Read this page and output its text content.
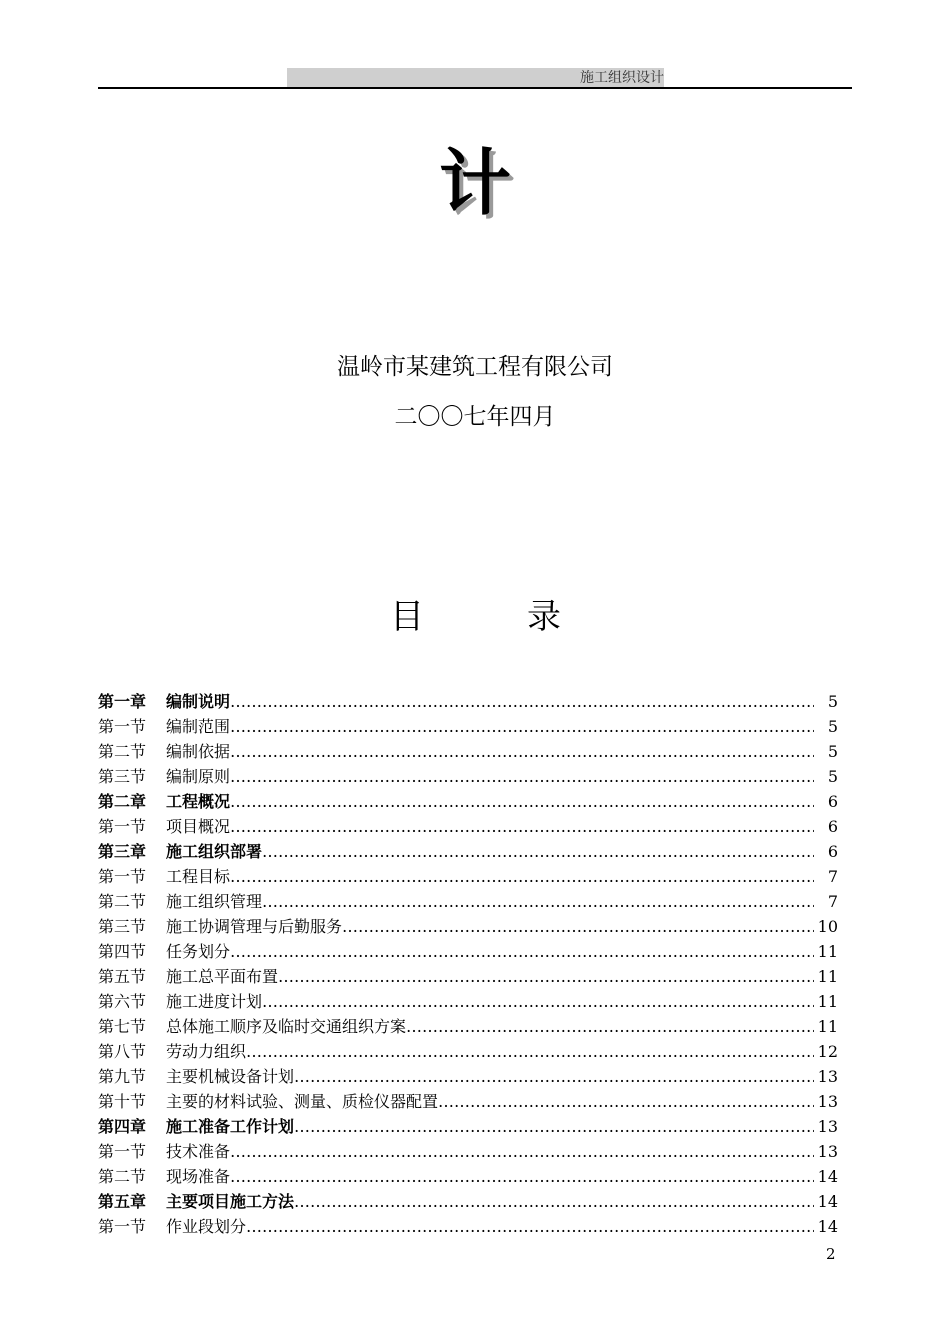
施工组织设计
计
温岭市某建筑工程有限公司
二〇〇七年四月
目	录
第一章	编制说明 ……………………………………………………………………………………………………………………………………………………………………………………………………………………………………………………………………………………	5
第一节	编制范围 ……………………………………………………………………………………………………………………………………………………………………………………………………………………………………………………………………………………	5
第二节	编制依据 ……………………………………………………………………………………………………………………………………………………………………………………………………………………………………………………………………………………	5
第三节	编制原则 ……………………………………………………………………………………………………………………………………………………………………………………………………………………………………………………………………………………	5
第二章	工程概况 ……………………………………………………………………………………………………………………………………………………………………………………………………………………………………………………………………………………	6
第一节	项目概况 ……………………………………………………………………………………………………………………………………………………………………………………………………………………………………………………………………………………	6
第三章	施工组织部署 ……………………………………………………………………………………………………………………………………………………………………………………………………………………………………………………………………………………	6
第一节	工程目标 ……………………………………………………………………………………………………………………………………………………………………………………………………………………………………………………………………………………	7
第二节	施工组织管理 ……………………………………………………………………………………………………………………………………………………………………………………………………………………………………………………………………………………	7
第三节	施工协调管理与后勤服务 ……………………………………………………………………………………………………………………………………………………………………………………………………………………………………………………………………………………	10
第四节	任务划分 ……………………………………………………………………………………………………………………………………………………………………………………………………………………………………………………………………………………	11
第五节	施工总平面布置 ……………………………………………………………………………………………………………………………………………………………………………………………………………………………………………………………………………………	11
第六节	施工进度计划 ……………………………………………………………………………………………………………………………………………………………………………………………………………………………………………………………………………………	11
第七节	总体施工顺序及临时交通组织方案 ……………………………………………………………………………………………………………………………………………………………………………………………………………………………………………………………………………………	11
第八节	劳动力组织 ……………………………………………………………………………………………………………………………………………………………………………………………………………………………………………………………………………………	12
第九节	主要机械设备计划 ……………………………………………………………………………………………………………………………………………………………………………………………………………………………………………………………………………………	13
第十节	主要的材料试验、测量、质检仪器配置 ……………………………………………………………………………………………………………………………………………………………………………………………………………………………………………………………………………………	13
第四章	施工准备工作计划 ……………………………………………………………………………………………………………………………………………………………………………………………………………………………………………………………………………………	13
第一节	技术准备 ……………………………………………………………………………………………………………………………………………………………………………………………………………………………………………………………………………………	13
第二节	现场准备 ……………………………………………………………………………………………………………………………………………………………………………………………………………………………………………………………………………………	14
第五章	主要项目施工方法 ……………………………………………………………………………………………………………………………………………………………………………………………………………………………………………………………………………………	14
第一节	作业段划分 ……………………………………………………………………………………………………………………………………………………………………………………………………………………………………………………………………………………	14
2
